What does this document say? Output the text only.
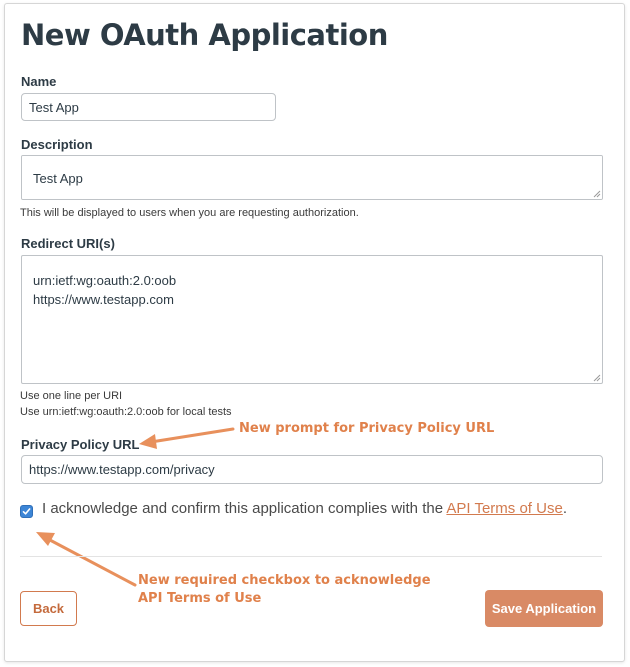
New OAuth Application
Name
Test App
Description
Test App
This will be displayed to users when you are requesting authorization.
Redirect URI(s)
urn:ietf:wg:oauth:2.0:oob https://www.testapp.com
Use one line per URI
Use urn:ietf:wg:oauth:2.0:oob for local tests
Privacy Policy URL
https://www.testapp.com/privacy
New prompt for Privacy Policy URL
New required checkbox to acknowledge
API Terms of Use
I acknowledge and confirm this application complies with the API Terms of Use.
Back	Save Application
